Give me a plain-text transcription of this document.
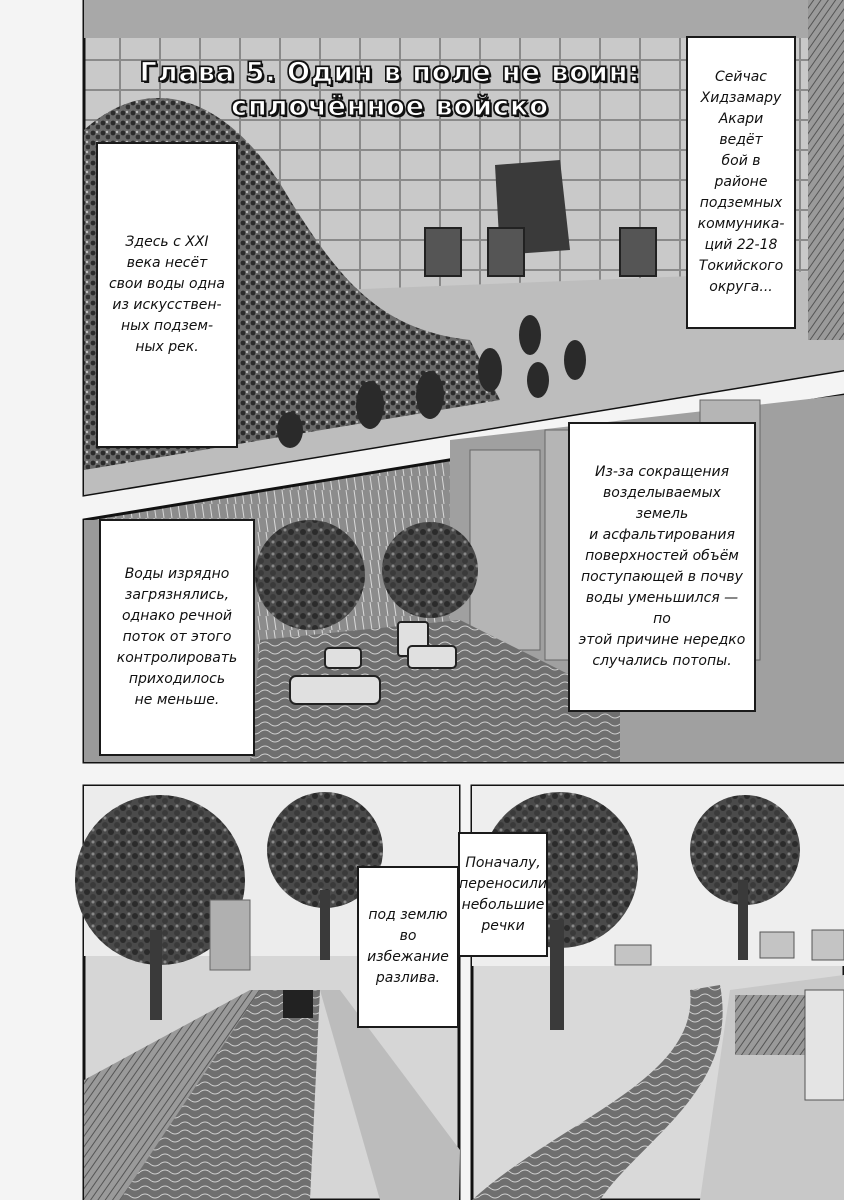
Глава 5. Один в поле не воин:
сплочённое войско
Здесь с XXI
века несёт
свои воды одна
из искусствен-
ных подзем-
ных рек.
Сейчас
Хидзамару
Акари ведёт
бой в районе
подземных
коммуника-
ций 22-18
Токийского
округа...
Воды изрядно
загрязнялись,
однако речной
поток от этого
контролировать
приходилось
не меньше.
Из-за сокращения
возделываемых земель
и асфальтирования
поверхностей объём
поступающей в почву
воды уменьшился — по
этой причине нередко
случались потопы.
Поначалу,
переносили
небольшие
речки
под землю
во избежание
разлива.
